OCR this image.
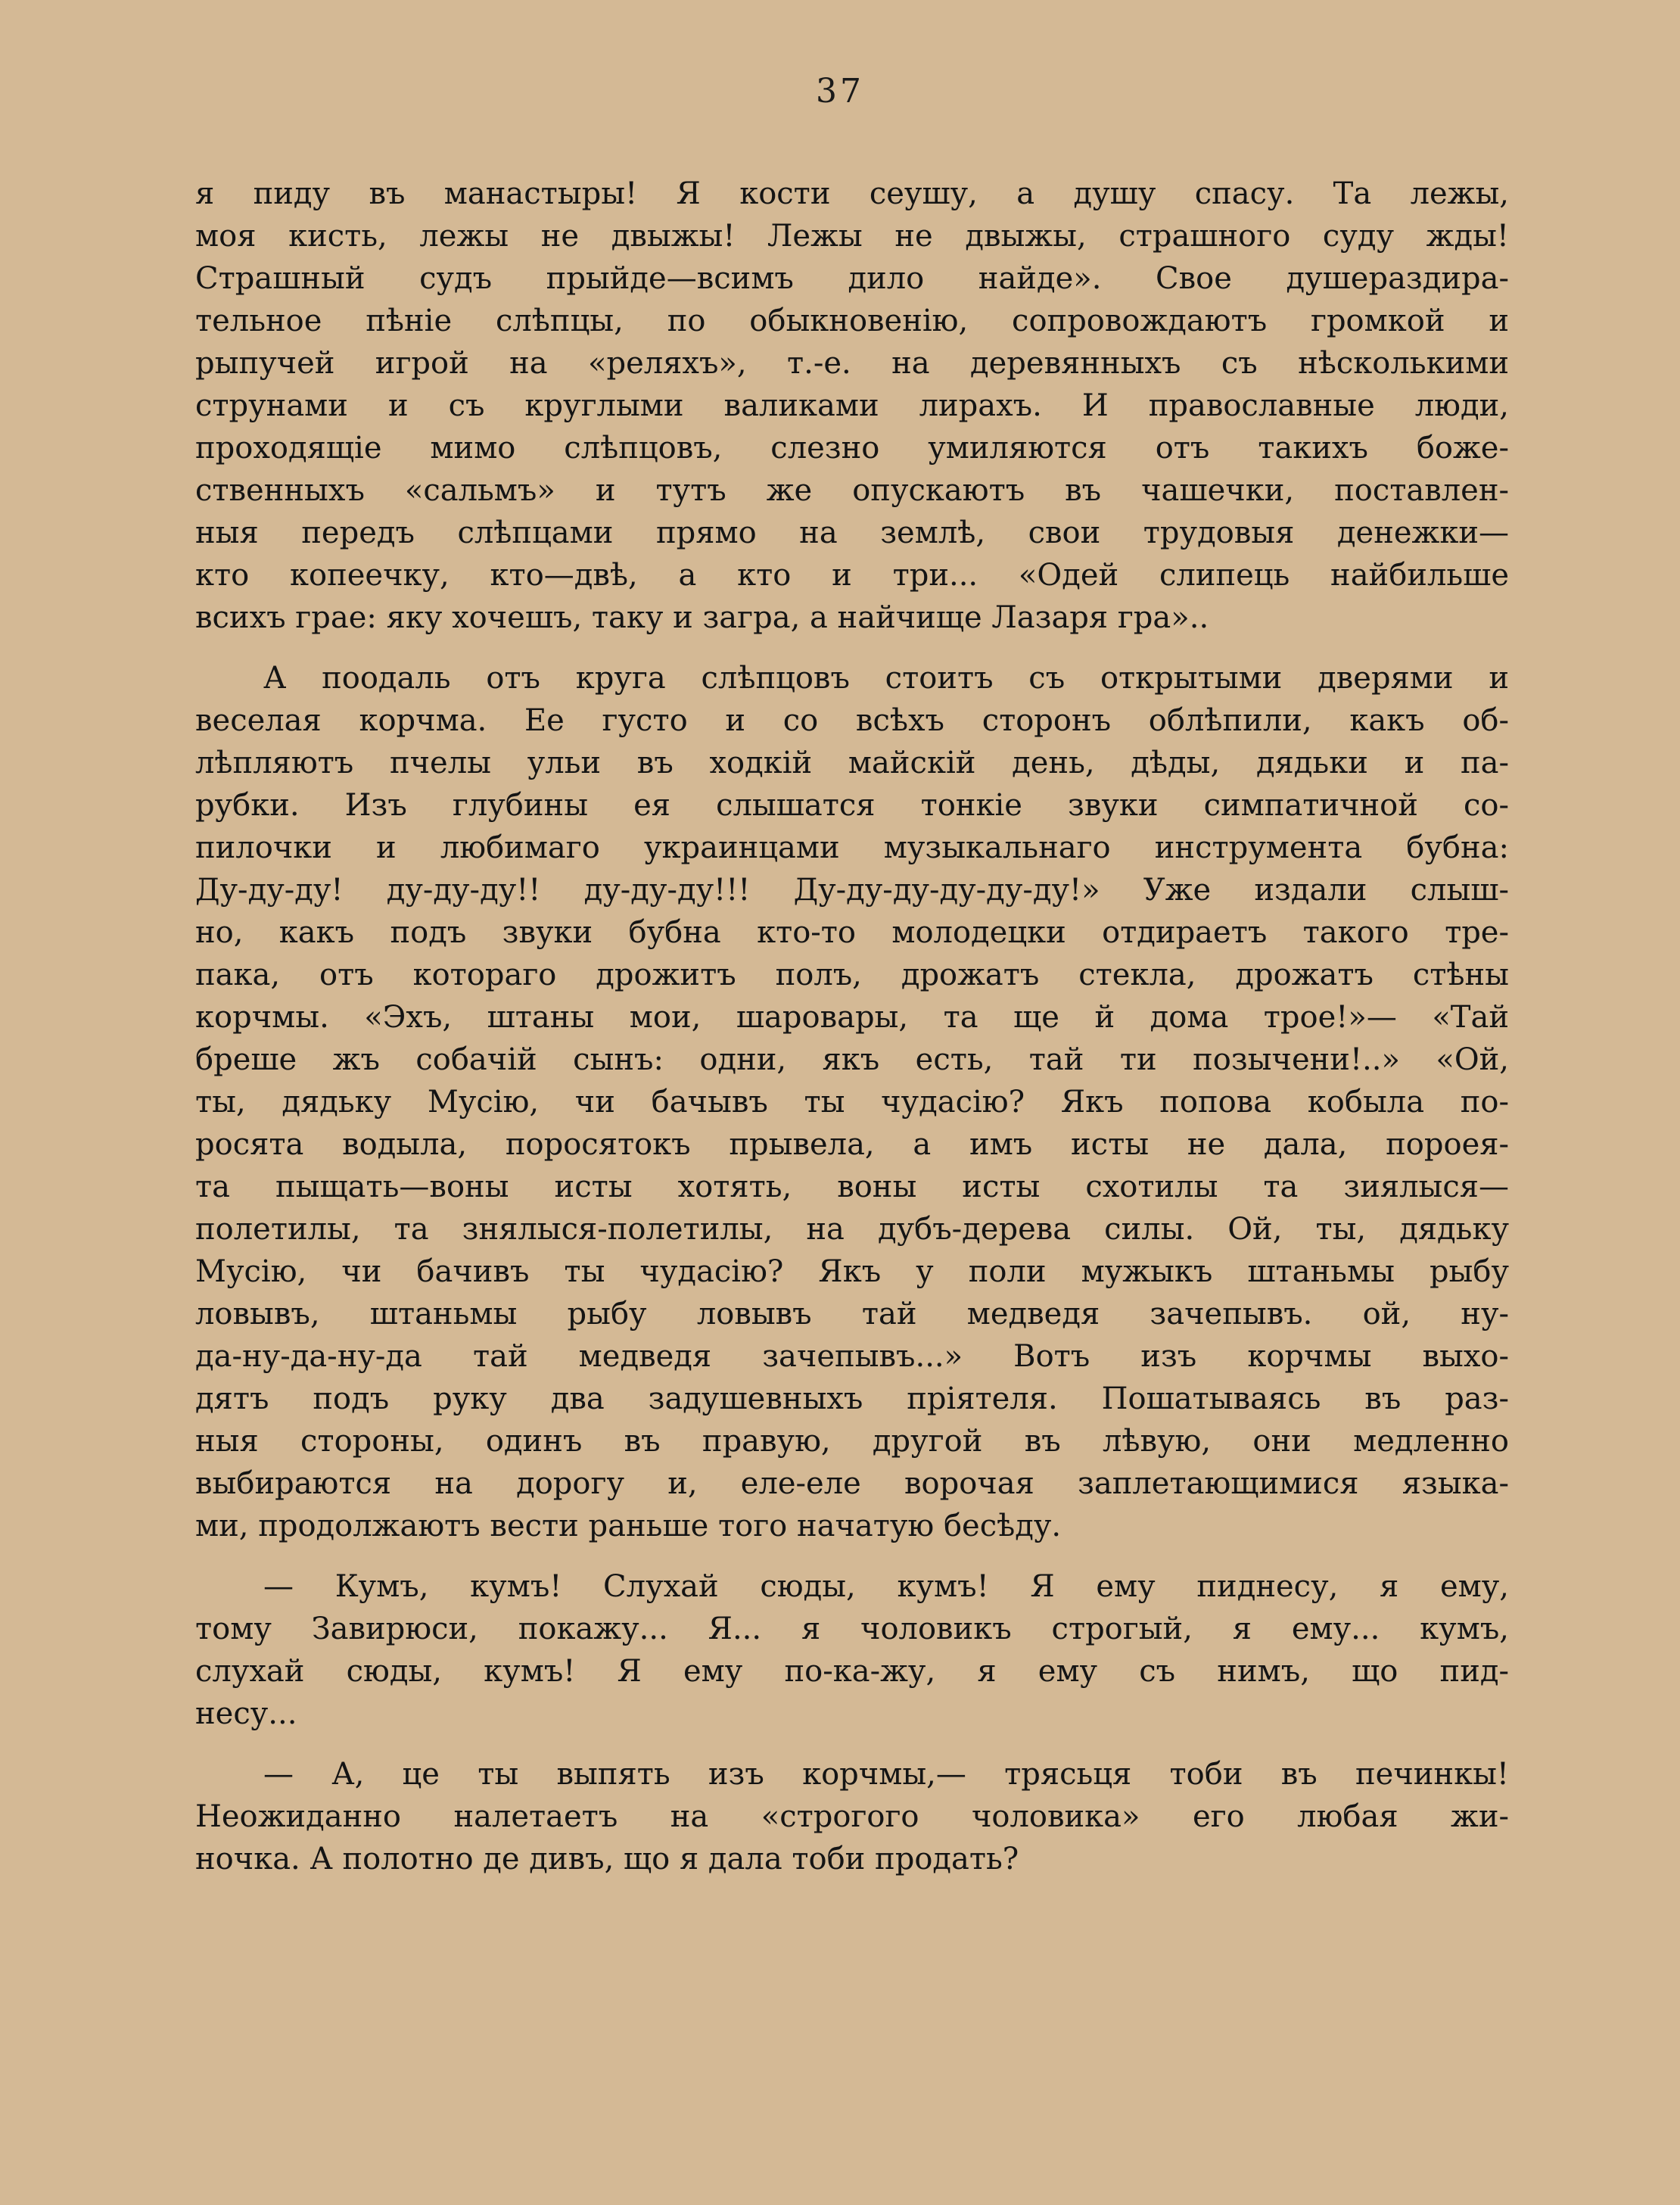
37
я пиду въ манастыры! Я кости сеушу, а душу спасу. Та лежы,
моя кисть, лежы не двыжы! Лежы не двыжы, страшного суду жды!
Страшный судъ прыйде—всимъ дило найде». Свое душераздира-
тельное пѣніе слѣпцы, по обыкновенію, сопровождаютъ громкой и
рыпучей игрой на «реляхъ», т.-е. на деревянныхъ съ нѣсколькими
струнами и съ круглыми валиками лирахъ. И православные люди,
проходящіе мимо слѣпцовъ, слезно умиляются отъ такихъ боже-
ственныхъ «сальмъ» и тутъ же опускаютъ въ чашечки, поставлен-
ныя передъ слѣпцами прямо на землѣ, свои трудовыя денежки—
кто копеечку, кто—двѣ, а кто и три... «Одей слипець найбильше
всихъ грае: яку хочешъ, таку и загра, а найчище Лазаря гра»..
А поодаль отъ круга слѣпцовъ стоитъ съ открытыми дверями и
веселая корчма. Ее густо и со всѣхъ сторонъ облѣпили, какъ об-
лѣпляютъ пчелы ульи въ ходкій майскій день, дѣды, дядьки и па-
рубки. Изъ глубины ея слышатся тонкіе звуки симпатичной со-
пилочки и любимаго украинцами музыкальнаго инструмента бубна:
Ду-ду-ду! ду-ду-ду!! ду-ду-ду!!! Ду-ду-ду-ду-ду-ду!» Уже издали слыш-
но, какъ подъ звуки бубна кто-то молодецки отдираетъ такого тре-
пака, отъ котораго дрожитъ полъ, дрожатъ стекла, дрожатъ стѣны
корчмы. «Эхъ, штаны мои, шаровары, та ще й дома трое!»— «Тай
бреше жъ собачій сынъ: одни, якъ есть, тай ти позычени!..» «Ой,
ты, дядьку Мусію, чи бачывъ ты чудасію? Якъ попова кобыла по-
росята водыла, поросятокъ прывела, а имъ исты не дала, пороея-
та пыщать—воны исты хотять, воны исты схотилы та зиялыся—
полетилы, та знялыся-полетилы, на дубъ-дерева силы. Ой, ты, дядьку
Мусію, чи бачивъ ты чудасію? Якъ у поли мужыкъ штаньмы рыбу
ловывъ, штаньмы рыбу ловывъ тай медведя зачепывъ. ой, ну-
да-ну-да-ну-да тай медведя зачепывъ...» Вотъ изъ корчмы выхо-
дятъ подъ руку два задушевныхъ пріятеля. Пошатываясь въ раз-
ныя стороны, одинъ въ правую, другой въ лѣвую, они медленно
выбираются на дорогу и, еле-еле ворочая заплетающимися языка-
ми, продолжаютъ вести раньше того начатую бесѣду.
— Кумъ, кумъ! Слухай сюды, кумъ! Я ему пиднесу, я ему,
тому Завирюси, покажу... Я... я чоловикъ строгый, я ему... кумъ,
слухай сюды, кумъ! Я ему по-ка-жу, я ему съ нимъ, що пид-
несу...
— А, це ты выпять изъ корчмы,— трясьця тоби въ печинкы!
Неожиданно налетаетъ на «строгого чоловика» его любая жи-
ночка. А полотно де дивъ, що я дала тоби продать?
